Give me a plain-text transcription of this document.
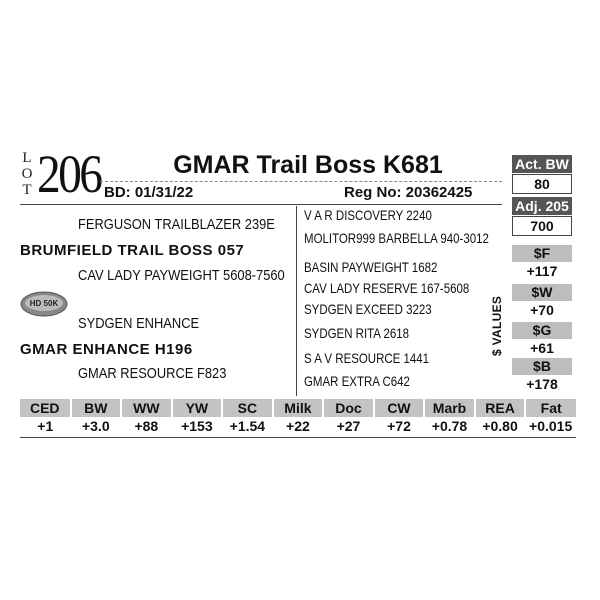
L
O
T 206	GMAR Trail Boss K681
BD: 01/31/22	Reg No: 20362425
Act. BW
80
Adj. 205
700
FERGUSON TRAILBLAZER 239E
BRUMFIELD TRAIL BOSS 057
CAV LADY PAYWEIGHT 5608-7560
SYDGEN ENHANCE
GMAR ENHANCE H196
GMAR RESOURCE F823
HD 50K
V A R DISCOVERY 2240
MOLITOR999 BARBELLA 940-3012
BASIN PAYWEIGHT 1682
CAV LADY RESERVE 167-5608
SYDGEN EXCEED 3223
SYDGEN RITA 2618
S A V RESOURCE 1441
GMAR EXTRA C642
$ VALUES
$F
+117
$W
+70
$G
+61
$B
+178
CED	BW	WW	YW	SC	Milk	Doc	CW	Marb	REA	Fat
+1	+3.0	+88	+153	+1.54	+22	+27	+72	+0.78	+0.80	+0.015
